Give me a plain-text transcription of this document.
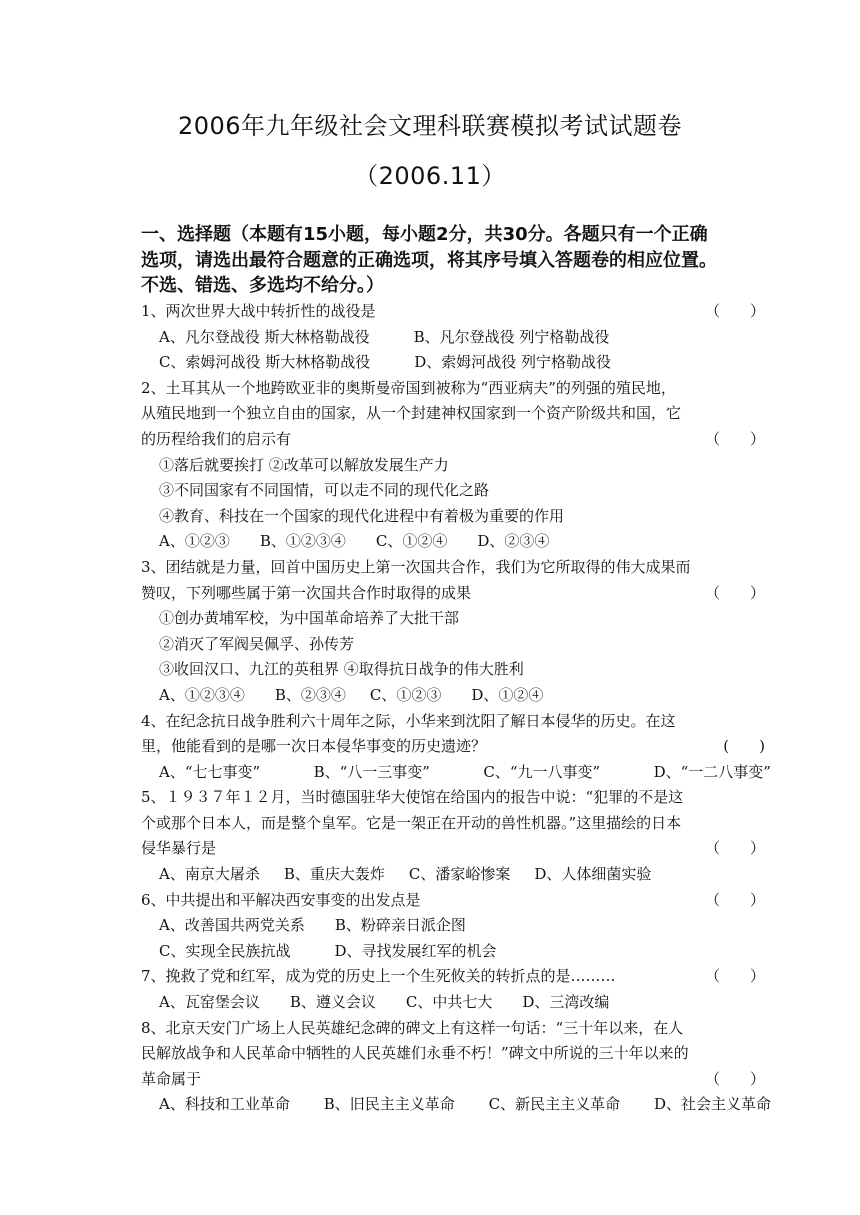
2006年九年级社会文理科联赛模拟考试试题卷
（2006.11）
一、选择题（本题有15小题，每小题2分，共30分。各题只有一个正确
选项，请选出最符合题意的正确选项，将其序号填入答题卷的相应位置。
不选、错选、多选均不给分。）
1、两次世界大战中转折性的战役是	（　　）
A、凡尔登战役 斯大林格勒战役	B、凡尔登战役 列宁格勒战役
C、索姆河战役 斯大林格勒战役	D、索姆河战役 列宁格勒战役
2、土耳其从一个地跨欧亚非的奥斯曼帝国到被称为“西亚病夫”的列强的殖民地，
从殖民地到一个独立自由的国家，从一个封建神权国家到一个资产阶级共和国，它
的历程给我们的启示有	（　　）
①落后就要挨打 ②改革可以解放发展生产力
③不同国家有不同国情，可以走不同的现代化之路
④教育、科技在一个国家的现代化进程中有着极为重要的作用
A、①②③ B、①②③④ C、①②④ D、②③④
3、团结就是力量，回首中国历史上第一次国共合作，我们为它所取得的伟大成果而
赞叹，下列哪些属于第一次国共合作时取得的成果	（　　）
①创办黄埔军校，为中国革命培养了大批干部
②消灭了军阀吴佩孚、孙传芳
③收回汉口、九江的英租界 ④取得抗日战争的伟大胜利
A、①②③④ B、②③④ C、①②③ D、①②④
4、在纪念抗日战争胜利六十周年之际，小华来到沈阳了解日本侵华的历史。在这
里，他能看到的是哪一次日本侵华事变的历史遗迹？	(　　)
A、“七七事变”	B、“八一三事变”	C、“九一八事变”	D、“一二八事变”
5、１９３７年１２月，当时德国驻华大使馆在给国内的报告中说：“犯罪的不是这
个或那个日本人，而是整个皇军。它是一架正在开动的兽性机器。”这里描绘的日本
侵华暴行是	（　　）
A、南京大屠杀 B、重庆大轰炸 C、潘家峪惨案 D、人体细菌实验
6、中共提出和平解决西安事变的出发点是	（　　）
A、改善国共两党关系 B、粉碎亲日派企图
C、实现全民族抗战	D、寻找发展红军的机会
7、挽救了党和红军，成为党的历史上一个生死攸关的转折点的是………	（　　）
A、瓦窑堡会议 B、遵义会议 C、中共七大 D、三湾改编
8、北京天安门广场上人民英雄纪念碑的碑文上有这样一句话：“三十年以来，在人
民解放战争和人民革命中牺牲的人民英雄们永垂不朽！”碑文中所说的三十年以来的
革命属于	（　　）
A、科技和工业革命 B、旧民主主义革命 C、新民主主义革命 D、社会主义革命
